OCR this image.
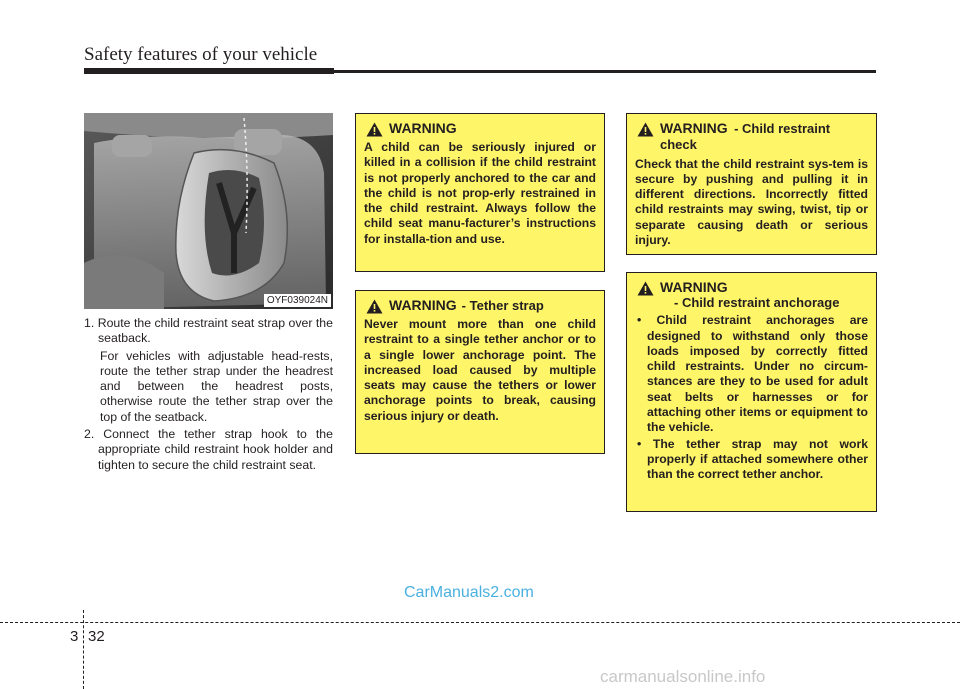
Safety features of your vehicle
OYF039024N

1. Route the child restraint seat strap over the seatback.

For vehicles with adjustable head-rests, route the tether strap under the headrest and between the headrest posts, otherwise route the tether strap over the top of the seatback.

2. Connect the tether strap hook to the appropriate child restraint hook holder and tighten to secure the child restraint seat.

WARNING

A child can be seriously injured or killed in a collision if the child restraint is not properly anchored to the car and the child is not prop-erly restrained in the child restraint. Always follow the child seat manu-facturer’s instructions for installa-tion and use.

WARNING - Tether strap

Never mount more than one child restraint to a single tether anchor or to a single lower anchorage point. The increased load caused by multiple seats may cause the tethers or lower anchorage points to break, causing serious injury or death.

WARNING - Child restraint check

Check that the child restraint sys-tem is secure by pushing and pulling it in different directions. Incorrectly fitted child restraints may swing, twist, tip or separate causing death or serious injury.

WARNING
- Child restraint anchorage
• Child restraint anchorages are designed to withstand only those loads imposed by correctly fitted child restraints. Under no circum-stances are they to be used for adult seat belts or harnesses or for attaching other items or equipment to the vehicle.
• The tether strap may not work properly if attached somewhere other than the correct tether anchor.
CarManuals2.com
3 32
carmanualsonline.info
